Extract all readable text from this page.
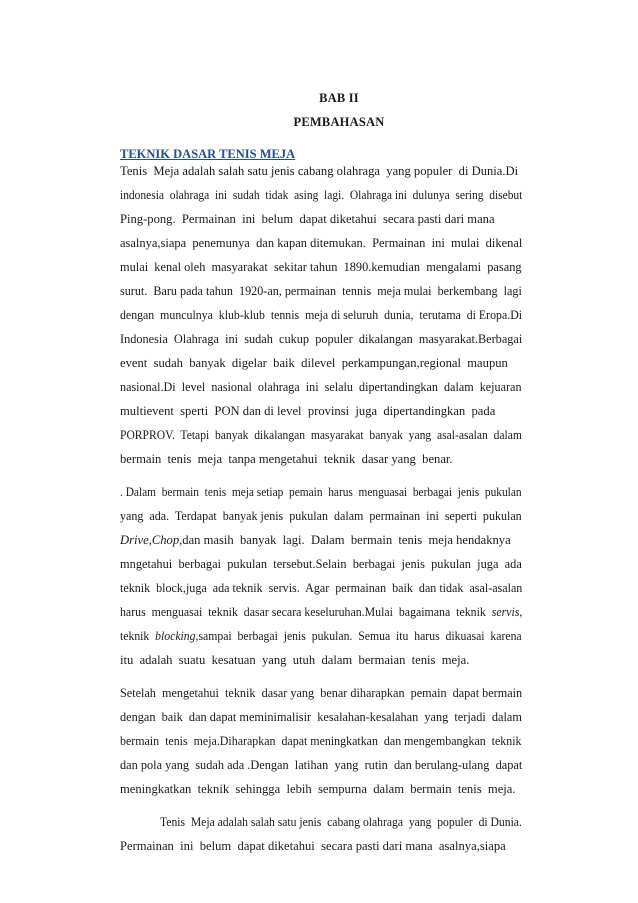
BAB II
PEMBAHASAN
TEKNIK DASAR TENIS MEJA
Tenis  Meja adalah salah satu jenis cabang olahraga  yang populer  di Dunia.Di
indonesia  olahraga  ini  sudah  tidak  asing  lagi.  Olahraga ini  dulunya  sering  disebut
Ping-pong.  Permainan  ini  belum  dapat diketahui  secara pasti dari mana
asalnya,siapa  penemunya  dan kapan ditemukan.  Permainan  ini  mulai  dikenal
mulai  kenal oleh  masyarakat  sekitar tahun  1890.kemudian  mengalami  pasang
surut.  Baru pada tahun  1920-an, permainan  tennis  meja mulai  berkembang  lagi
dengan  munculnya  klub-klub  tennis  meja di seluruh  dunia,  terutama  di Eropa.Di
Indonesia  Olahraga  ini  sudah  cukup  populer  dikalangan  masyarakat.Berbagai
event  sudah  banyak  digelar  baik  dilevel  perkampungan,regional  maupun
nasional.Di  level  nasional  olahraga  ini  selalu  dipertandingkan  dalam  kejuaran
multievent  sperti  PON dan di level  provinsi  juga  dipertandingkan  pada
PORPROV.  Tetapi  banyak  dikalangan  masyarakat  banyak  yang  asal-asalan  dalam
bermain  tenis  meja  tanpa mengetahui  teknik  dasar yang  benar.
. Dalam  bermain  tenis  meja setiap  pemain  harus  menguasai  berbagai  jenis  pukulan
yang  ada.  Terdapat  banyak jenis  pukulan  dalam  permainan  ini  seperti  pukulan
Drive,Chop,dan masih  banyak  lagi.  Dalam  bermain  tenis  meja hendaknya
mngetahui  berbagai  pukulan  tersebut.Selain  berbagai  jenis  pukulan  juga  ada
teknik  block,juga  ada teknik  servis.  Agar  permainan  baik  dan tidak  asal-asalan
harus  menguasai  teknik  dasar secara keseluruhan.Mulai  bagaimana  teknik  servis,
teknik  blocking,sampai  berbagai  jenis  pukulan.  Semua  itu  harus  dikuasai  karena
itu  adalah  suatu  kesatuan  yang  utuh  dalam  bermaian  tenis  meja.
Setelah  mengetahui  teknik  dasar yang  benar diharapkan  pemain  dapat bermain
dengan  baik  dan dapat meminimalisir  kesalahan-kesalahan  yang  terjadi  dalam
bermain  tenis  meja.Diharapkan  dapat meningkatkan  dan mengembangkan  teknik
dan pola yang  sudah ada .Dengan  latihan  yang  rutin  dan berulang-ulang  dapat
meningkatkan  teknik  sehingga  lebih  sempurna  dalam  bermain  tenis  meja.
Tenis  Meja adalah salah satu jenis  cabang olahraga  yang  populer  di Dunia.
Permainan  ini  belum  dapat diketahui  secara pasti dari mana  asalnya,siapa
